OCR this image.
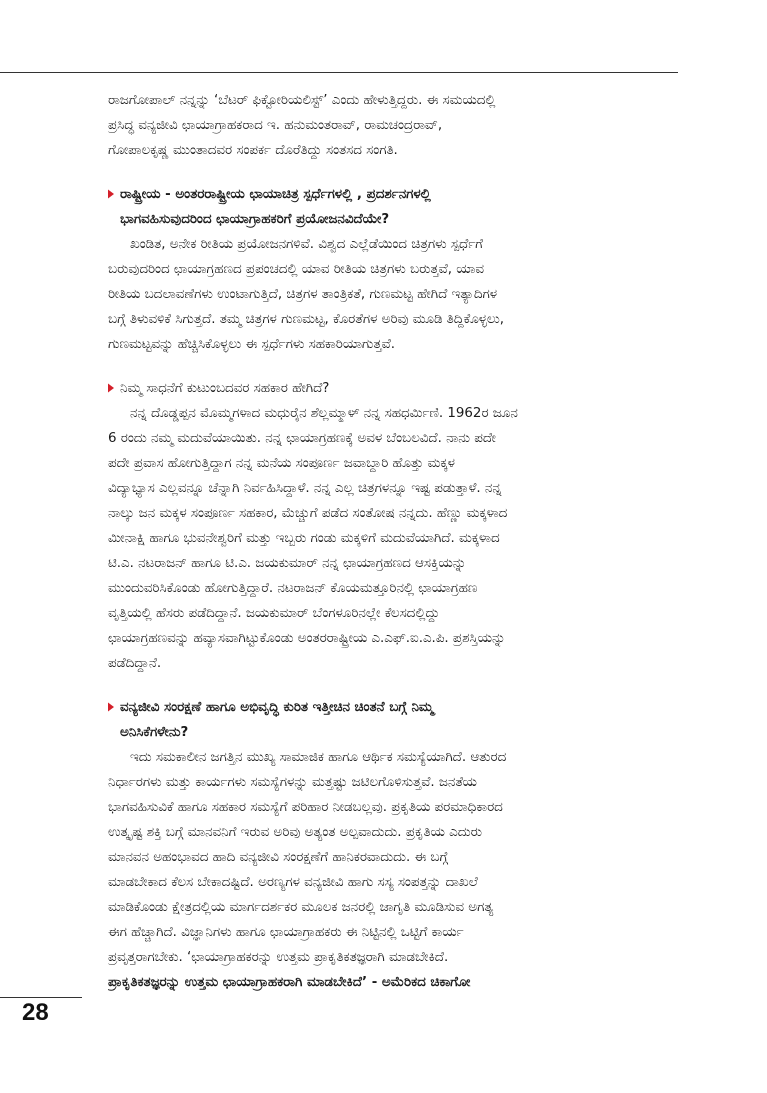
ರಾಜಗೋಪಾಲ್ ನನ್ನನ್ನು ‘ಬೆಟರ್ ಫಿಕ್ಟೋರಿಯಲಿಸ್ಟ್’ ಎಂದು ಹೇಳುತ್ತಿದ್ದರು. ಈ ಸಮಯದಲ್ಲಿ
ಪ್ರಸಿದ್ಧ ವನ್ಯಜೀವಿ ಛಾಯಾಗ್ರಾಹಕರಾದ ಇ. ಹನುಮಂತರಾವ್, ರಾಮಚಂದ್ರರಾವ್,
ಗೋಪಾಲಕೃಷ್ಣ ಮುಂತಾದವರ ಸಂಪರ್ಕ ದೊರೆತಿದ್ದು ಸಂತಸದ ಸಂಗತಿ.
ರಾಷ್ಟ್ರೀಯ - ಅಂತರರಾಷ್ಟ್ರೀಯ ಛಾಯಾಚಿತ್ರ ಸ್ಪರ್ಧೆಗಳಲ್ಲಿ , ಪ್ರದರ್ಶನಗಳಲ್ಲಿ
ಭಾಗವಹಿಸುವುದರಿಂದ ಛಾಯಾಗ್ರಾಹಕರಿಗೆ ಪ್ರಯೋಜನವಿದೆಯೇ?
ಖಂಡಿತ, ಅನೇಕ ರೀತಿಯ ಪ್ರಯೋಜನಗಳಿವೆ. ವಿಶ್ವದ ಎಲ್ಲೆಡೆಯಿಂದ ಚಿತ್ರಗಳು ಸ್ಪರ್ಧೆಗೆ
ಬರುವುದರಿಂದ ಛಾಯಾಗ್ರಹಣದ ಪ್ರಪಂಚದಲ್ಲಿ ಯಾವ ರೀತಿಯ ಚಿತ್ರಗಳು ಬರುತ್ತವೆ, ಯಾವ
ರೀತಿಯ ಬದಲಾವಣೆಗಳು ಉಂಟಾಗುತ್ತಿದೆ, ಚಿತ್ರಗಳ ತಾಂತ್ರಿಕತೆ, ಗುಣಮಟ್ಟ ಹೇಗಿದೆ ಇತ್ಯಾದಿಗಳ
ಬಗ್ಗೆ ತಿಳುವಳಿಕೆ ಸಿಗುತ್ತದೆ. ತಮ್ಮ ಚಿತ್ರಗಳ ಗುಣಮಟ್ಟ, ಕೊರತೆಗಳ ಅರಿವು ಮೂಡಿ ತಿದ್ದಿಕೊಳ್ಳಲು,
ಗುಣಮಟ್ಟವನ್ನು ಹೆಚ್ಚಿಸಿಕೊಳ್ಳಲು ಈ ಸ್ಪರ್ಧೆಗಳು ಸಹಕಾರಿಯಾಗುತ್ತವೆ.
ನಿಮ್ಮ ಸಾಧನೆಗೆ ಕುಟುಂಬದವರ ಸಹಕಾರ ಹೇಗಿದೆ?
ನನ್ನ ದೊಡ್ಡಪ್ಪನ ಮೊಮ್ಮಗಳಾದ ಮಧುರೈನ ಶೆಲ್ಲಮ್ಮಾಳ್ ನನ್ನ ಸಹಧರ್ಮಿಣಿ. 1962ರ ಜೂನ
6 ರಂದು ನಮ್ಮ ಮದುವೆಯಾಯಿತು. ನನ್ನ ಛಾಯಾಗ್ರಹಣಕ್ಕೆ ಅವಳ ಬೆಂಬಲವಿದೆ. ನಾನು ಪದೇ
ಪದೇ ಪ್ರವಾಸ ಹೋಗುತ್ತಿದ್ದಾಗ ನನ್ನ ಮನೆಯ ಸಂಪೂರ್ಣ ಜವಾಬ್ದಾರಿ ಹೊತ್ತು ಮಕ್ಕಳ
ವಿದ್ಯಾಭ್ಯಾಸ ಎಲ್ಲವನ್ನೂ ಚೆನ್ನಾಗಿ ನಿರ್ವಹಿಸಿದ್ದಾಳೆ. ನನ್ನ ಎಲ್ಲ ಚಿತ್ರಗಳನ್ನೂ ಇಷ್ಟ ಪಡುತ್ತಾಳೆ. ನನ್ನ
ನಾಲ್ಕು ಜನ ಮಕ್ಕಳ ಸಂಪೂರ್ಣ ಸಹಕಾರ, ಮೆಚ್ಚುಗೆ ಪಡೆದ ಸಂತೋಷ ನನ್ನದು. ಹೆಣ್ಣು ಮಕ್ಕಳಾದ
ಮೀನಾಕ್ಷಿ ಹಾಗೂ ಭುವನೇಶ್ವರಿಗೆ ಮತ್ತು ಇಬ್ಬರು ಗಂಡು ಮಕ್ಕಳಿಗೆ ಮದುವೆಯಾಗಿದೆ. ಮಕ್ಕಳಾದ
ಟಿ.ಎ. ನಟರಾಜನ್ ಹಾಗೂ ಟಿ.ಎ. ಜಯಕುಮಾರ್ ನನ್ನ ಛಾಯಾಗ್ರಹಣದ ಆಸಕ್ತಿಯನ್ನು
ಮುಂದುವರಿಸಿಕೊಂಡು ಹೋಗುತ್ತಿದ್ದಾರೆ. ನಟರಾಜನ್ ಕೊಯಮತ್ತೂರಿನಲ್ಲಿ ಛಾಯಾಗ್ರಹಣ
ವೃತ್ತಿಯಲ್ಲಿ ಹೆಸರು ಪಡೆದಿದ್ದಾನೆ. ಜಯಕುಮಾರ್ ಬೆಂಗಳೂರಿನಲ್ಲೇ ಕೆಲಸದಲ್ಲಿದ್ದು
ಛಾಯಾಗ್ರಹಣವನ್ನು ಹವ್ಯಾಸವಾಗಿಟ್ಟುಕೊಂಡು ಅಂತರರಾಷ್ಟ್ರೀಯ ಎ.ಎಫ್.ಐ.ಎ.ಪಿ. ಪ್ರಶಸ್ತಿಯನ್ನು
ಪಡೆದಿದ್ದಾನೆ.
ವನ್ಯಜೀವಿ ಸಂರಕ್ಷಣೆ ಹಾಗೂ ಅಭಿವೃದ್ಧಿ ಕುರಿತ ಇತ್ತೀಚಿನ ಚಿಂತನೆ ಬಗ್ಗೆ ನಿಮ್ಮ
ಅನಿಸಿಕೆಗಳೇನು?
ಇದು ಸಮಕಾಲೀನ ಜಗತ್ತಿನ ಮುಖ್ಯ ಸಾಮಾಜಿಕ ಹಾಗೂ ಆರ್ಥಿಕ ಸಮಸ್ಯೆಯಾಗಿದೆ. ಆತುರದ
ನಿರ್ಧಾರಗಳು ಮತ್ತು ಕಾರ್ಯಗಳು ಸಮಸ್ಯೆಗಳನ್ನು ಮತ್ತಷ್ಟು ಜಟಿಲಗೊಳಿಸುತ್ತವೆ. ಜನತೆಯ
ಭಾಗವಹಿಸುವಿಕೆ ಹಾಗೂ ಸಹಕಾರ ಸಮಸ್ಯೆಗೆ ಪರಿಹಾರ ನೀಡಬಲ್ಲವು. ಪ್ರಕೃತಿಯ ಪರಮಾಧಿಕಾರದ
ಉತ್ಕೃಷ್ಟ ಶಕ್ತಿ ಬಗ್ಗೆ ಮಾನವನಿಗೆ ಇರುವ ಅರಿವು ಅತ್ಯಂತ ಅಲ್ಪವಾದುದು. ಪ್ರಕೃತಿಯ ಎದುರು
ಮಾನವನ ಅಹಂಭಾವದ ಹಾದಿ ವನ್ಯಜೀವಿ ಸಂರಕ್ಷಣೆಗೆ ಹಾನಿಕರವಾದುದು. ಈ ಬಗ್ಗೆ
ಮಾಡಬೇಕಾದ ಕೆಲಸ ಬೇಕಾದಷ್ಟಿದೆ. ಅರಣ್ಯಗಳ ವನ್ಯಜೀವಿ ಹಾಗು ಸಸ್ಯ ಸಂಪತ್ತನ್ನು ದಾಖಲೆ
ಮಾಡಿಕೊಂಡು ಕ್ಷೇತ್ರದಲ್ಲಿಯ ಮಾರ್ಗದರ್ಶಕರ ಮೂಲಕ ಜನರಲ್ಲಿ ಜಾಗೃತಿ ಮೂಡಿಸುವ ಅಗತ್ಯ
ಈಗ ಹೆಚ್ಚಾಗಿದೆ. ವಿಜ್ಞಾನಿಗಳು ಹಾಗೂ ಛಾಯಾಗ್ರಾಹಕರು ಈ ನಿಟ್ಟಿನಲ್ಲಿ ಒಟ್ಟಿಗೆ ಕಾರ್ಯ
ಪ್ರವೃತ್ತರಾಗಬೇಕು. ‘ಛಾಯಾಗ್ರಾಹಕರನ್ನು ಉತ್ತಮ ಪ್ರಾಕೃತಿಕತಜ್ಞರಾಗಿ ಮಾಡಬೇಕಿದೆ.
ಪ್ರಾಕೃತಿಕತಜ್ಞರನ್ನು ಉತ್ತಮ ಛಾಯಾಗ್ರಾಹಕರಾಗಿ ಮಾಡಬೇಕಿದೆ’ - ಅಮೆರಿಕದ ಚಿಕಾಗೋ
28
